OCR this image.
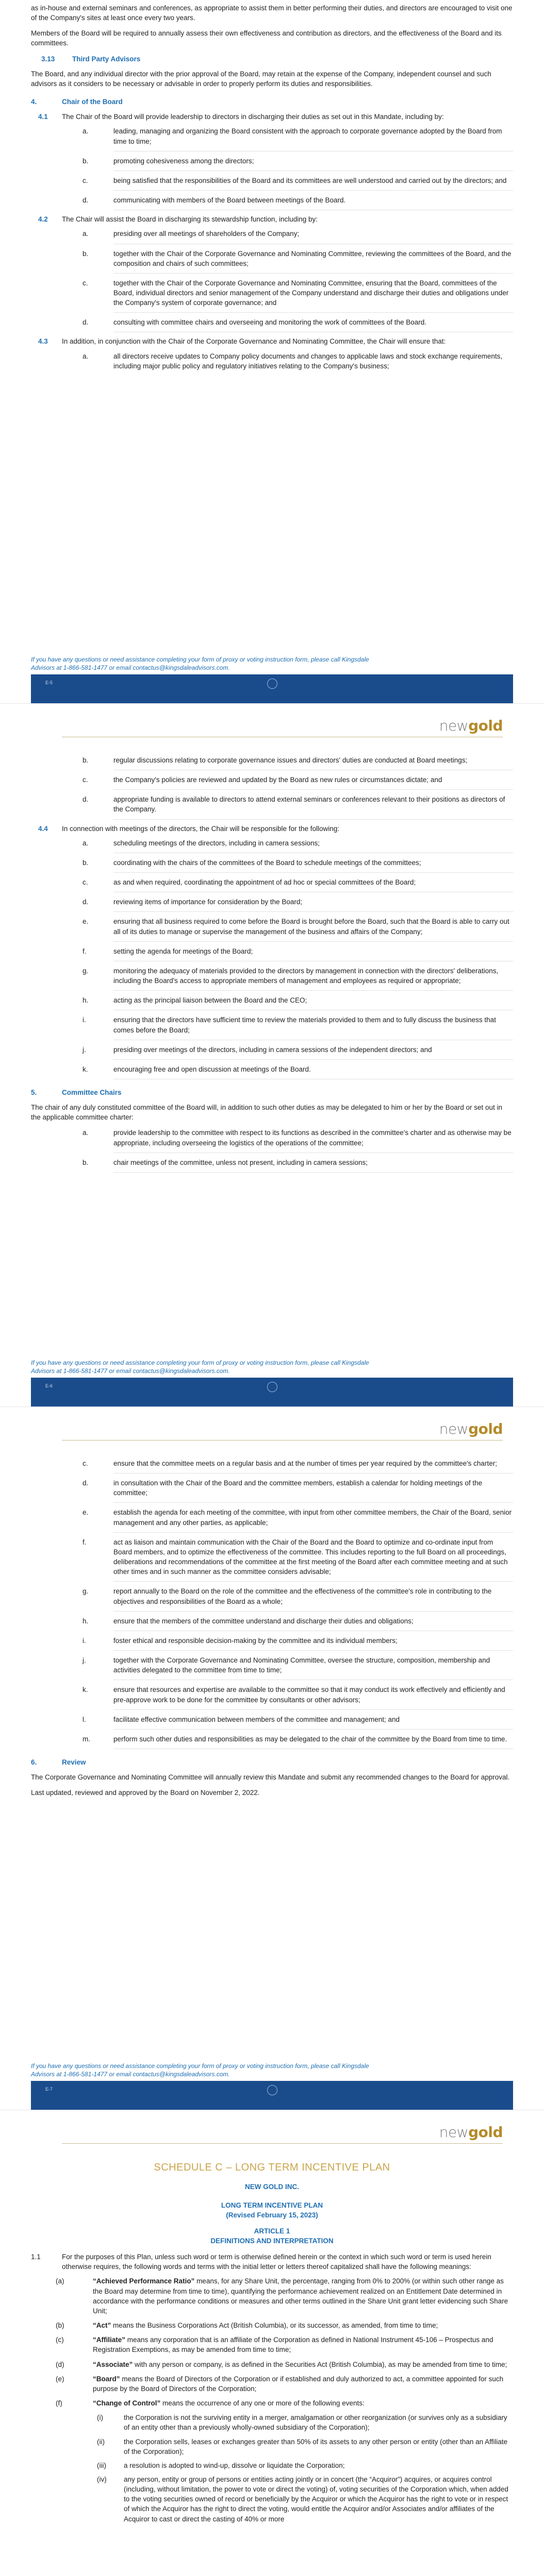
as in-house and external seminars and conferences, as appropriate to assist them in better performing their duties, and directors are encouraged to visit one of the Company's sites at least once every two years.

Members of the Board will be required to annually assess their own effectiveness and contribution as directors, and the effectiveness of the Board and its committees.

3.13	Third Party Advisors

The Board, and any individual director with the prior approval of the Board, may retain at the expense of the Company, independent counsel and such advisors as it considers to be necessary or advisable in order to properly perform its duties and responsibilities.

4.	Chair of the Board
4.1	The Chair of the Board will provide leadership to directors in discharging their duties as set out in this Mandate, including by:
a.	leading, managing and organizing the Board consistent with the approach to corporate governance adopted by the Board from time to time;
b.	promoting cohesiveness among the directors;
c.	being satisfied that the responsibilities of the Board and its committees are well understood and carried out by the directors; and
d.	communicating with members of the Board between meetings of the Board.
4.2	The Chair will assist the Board in discharging its stewardship function, including by:
a.	presiding over all meetings of shareholders of the Company;
b.	together with the Chair of the Corporate Governance and Nominating Committee, reviewing the committees of the Board, and the composition and chairs of such committees;
c.	together with the Chair of the Corporate Governance and Nominating Committee, ensuring that the Board, committees of the Board, individual directors and senior management of the Company understand and discharge their duties and obligations under the Company's system of corporate governance; and
d.	consulting with committee chairs and overseeing and monitoring the work of committees of the Board.
4.3	In addition, in conjunction with the Chair of the Corporate Governance and Nominating Committee, the Chair will ensure that:
a.	all directors receive updates to Company policy documents and changes to applicable laws and stock exchange requirements, including major public policy and regulatory initiatives relating to the Company's business;
If you have any questions or need assistance completing your form of proxy or voting instruction form, please call Kingsdale
Advisors at 1-866-581-1477 or email contactus@kingsdaleadvisors.com.
E-5
newgold
b.	regular discussions relating to corporate governance issues and directors' duties are conducted at Board meetings;
c.	the Company's policies are reviewed and updated by the Board as new rules or circumstances dictate; and
d.	appropriate funding is available to directors to attend external seminars or conferences relevant to their positions as directors of the Company.
4.4	In connection with meetings of the directors, the Chair will be responsible for the following:
a.	scheduling meetings of the directors, including in camera sessions;
b.	coordinating with the chairs of the committees of the Board to schedule meetings of the committees;
c.	as and when required, coordinating the appointment of ad hoc or special committees of the Board;
d.	reviewing items of importance for consideration by the Board;
e.	ensuring that all business required to come before the Board is brought before the Board, such that the Board is able to carry out all of its duties to manage or supervise the management of the business and affairs of the Company;
f.	setting the agenda for meetings of the Board;
g.	monitoring the adequacy of materials provided to the directors by management in connection with the directors' deliberations, including the Board's access to appropriate members of management and employees as required or appropriate;
h.	acting as the principal liaison between the Board and the CEO;
i.	ensuring that the directors have sufficient time to review the materials provided to them and to fully discuss the business that comes before the Board;
j.	presiding over meetings of the directors, including in camera sessions of the independent directors; and
k.	encouraging free and open discussion at meetings of the Board.
5.	Committee Chairs

The chair of any duly constituted committee of the Board will, in addition to such other duties as may be delegated to him or her by the Board or set out in the applicable committee charter:

a.	provide leadership to the committee with respect to its functions as described in the committee's charter and as otherwise may be appropriate, including overseeing the logistics of the operations of the committee;
b.	chair meetings of the committee, unless not present, including in camera sessions;
If you have any questions or need assistance completing your form of proxy or voting instruction form, please call Kingsdale
Advisors at 1-866-581-1477 or email contactus@kingsdaleadvisors.com.
E-6
newgold
c.	ensure that the committee meets on a regular basis and at the number of times per year required by the committee's charter;
d.	in consultation with the Chair of the Board and the committee members, establish a calendar for holding meetings of the committee;
e.	establish the agenda for each meeting of the committee, with input from other committee members, the Chair of the Board, senior management and any other parties, as applicable;
f.	act as liaison and maintain communication with the Chair of the Board and the Board to optimize and co-ordinate input from Board members, and to optimize the effectiveness of the committee. This includes reporting to the full Board on all proceedings, deliberations and recommendations of the committee at the first meeting of the Board after each committee meeting and at such other times and in such manner as the committee considers advisable;
g.	report annually to the Board on the role of the committee and the effectiveness of the committee's role in contributing to the objectives and responsibilities of the Board as a whole;
h.	ensure that the members of the committee understand and discharge their duties and obligations;
i.	foster ethical and responsible decision-making by the committee and its individual members;
j.	together with the Corporate Governance and Nominating Committee, oversee the structure, composition, membership and activities delegated to the committee from time to time;
k.	ensure that resources and expertise are available to the committee so that it may conduct its work effectively and efficiently and pre-approve work to be done for the committee by consultants or other advisors;
l.	facilitate effective communication between members of the committee and management; and
m.	perform such other duties and responsibilities as may be delegated to the chair of the committee by the Board from time to time.
6.	Review

The Corporate Governance and Nominating Committee will annually review this Mandate and submit any recommended changes to the Board for approval.

Last updated, reviewed and approved by the Board on November 2, 2022.

If you have any questions or need assistance completing your form of proxy or voting instruction form, please call Kingsdale
Advisors at 1-866-581-1477 or email contactus@kingsdaleadvisors.com.
E-7
newgold
SCHEDULE C – LONG TERM INCENTIVE PLAN
NEW GOLD INC.
LONG TERM INCENTIVE PLAN
(Revised February 15, 2023)
ARTICLE 1
DEFINITIONS AND INTERPRETATION
1.1	For the purposes of this Plan, unless such word or term is otherwise defined herein or the context in which such word or term is used herein otherwise requires, the following words and terms with the initial letter or letters thereof capitalized shall have the following meanings:
(a)	“Achieved Performance Ratio” means, for any Share Unit, the percentage, ranging from 0% to 200% (or within such other range as the Board may determine from time to time), quantifying the performance achievement realized on an Entitlement Date determined in accordance with the performance conditions or measures and other terms outlined in the Share Unit grant letter evidencing such Share Unit;
(b)	“Act” means the Business Corporations Act (British Columbia), or its successor, as amended, from time to time;
(c)	“Affiliate” means any corporation that is an affiliate of the Corporation as defined in National Instrument 45-106 – Prospectus and Registration Exemptions, as may be amended from time to time;
(d)	“Associate” with any person or company, is as defined in the Securities Act (British Columbia), as may be amended from time to time;
(e)	“Board” means the Board of Directors of the Corporation or if established and duly authorized to act, a committee appointed for such purpose by the Board of Directors of the Corporation;
(f)	“Change of Control” means the occurrence of any one or more of the following events:
(i)	the Corporation is not the surviving entity in a merger, amalgamation or other reorganization (or survives only as a subsidiary of an entity other than a previously wholly-owned subsidiary of the Corporation);
(ii)	the Corporation sells, leases or exchanges greater than 50% of its assets to any other person or entity (other than an Affiliate of the Corporation);
(iii)	a resolution is adopted to wind-up, dissolve or liquidate the Corporation;
(iv)	any person, entity or group of persons or entities acting jointly or in concert (the “Acquiror”) acquires, or acquires control (including, without limitation, the power to vote or direct the voting) of, voting securities of the Corporation which, when added to the voting securities owned of record or beneficially by the Acquiror or which the Acquiror has the right to vote or in respect of which the Acquiror has the right to direct the voting, would entitle the Acquiror and/or Associates and/or affiliates of the Acquiror to cast or direct the casting of 40% or more
